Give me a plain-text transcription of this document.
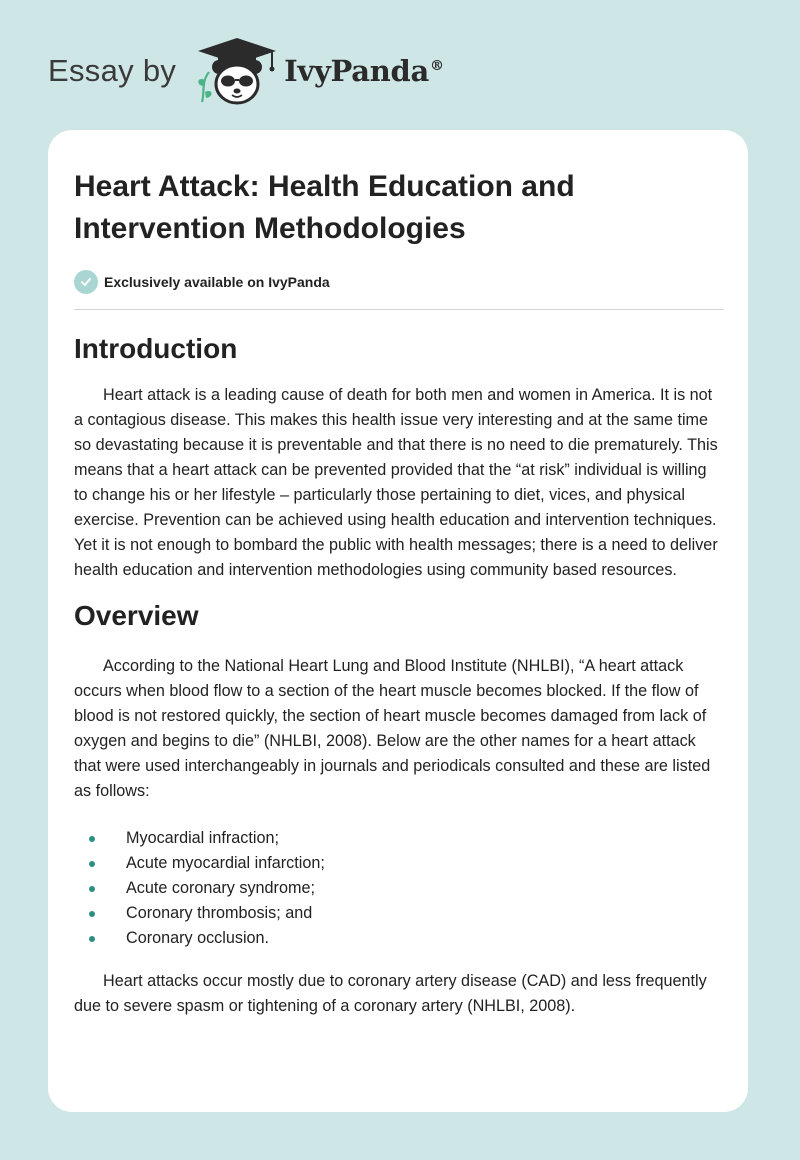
Essay by	IvyPanda®
Heart Attack: Health Education and Intervention Methodologies
Exclusively available on IvyPanda
Introduction

Heart attack is a leading cause of death for both men and women in America. It is not a contagious disease. This makes this health issue very interesting and at the same time so devastating because it is preventable and that there is no need to die prematurely. This means that a heart attack can be prevented provided that the “at risk” individual is willing to change his or her lifestyle – particularly those pertaining to diet, vices, and physical exercise. Prevention can be achieved using health education and intervention techniques. Yet it is not enough to bombard the public with health messages; there is a need to deliver health education and intervention methodologies using community based resources.

Overview

According to the National Heart Lung and Blood Institute (NHLBI), “A heart attack occurs when blood flow to a section of the heart muscle becomes blocked. If the flow of blood is not restored quickly, the section of heart muscle becomes damaged from lack of oxygen and begins to die” (NHLBI, 2008). Below are the other names for a heart attack that were used interchangeably in journals and periodicals consulted and these are listed as follows:

Myocardial infraction;
Acute myocardial infarction;
Acute coronary syndrome;
Coronary thrombosis; and
Coronary occlusion.

Heart attacks occur mostly due to coronary artery disease (CAD) and less frequently due to severe spasm or tightening of a coronary artery (NHLBI, 2008).
